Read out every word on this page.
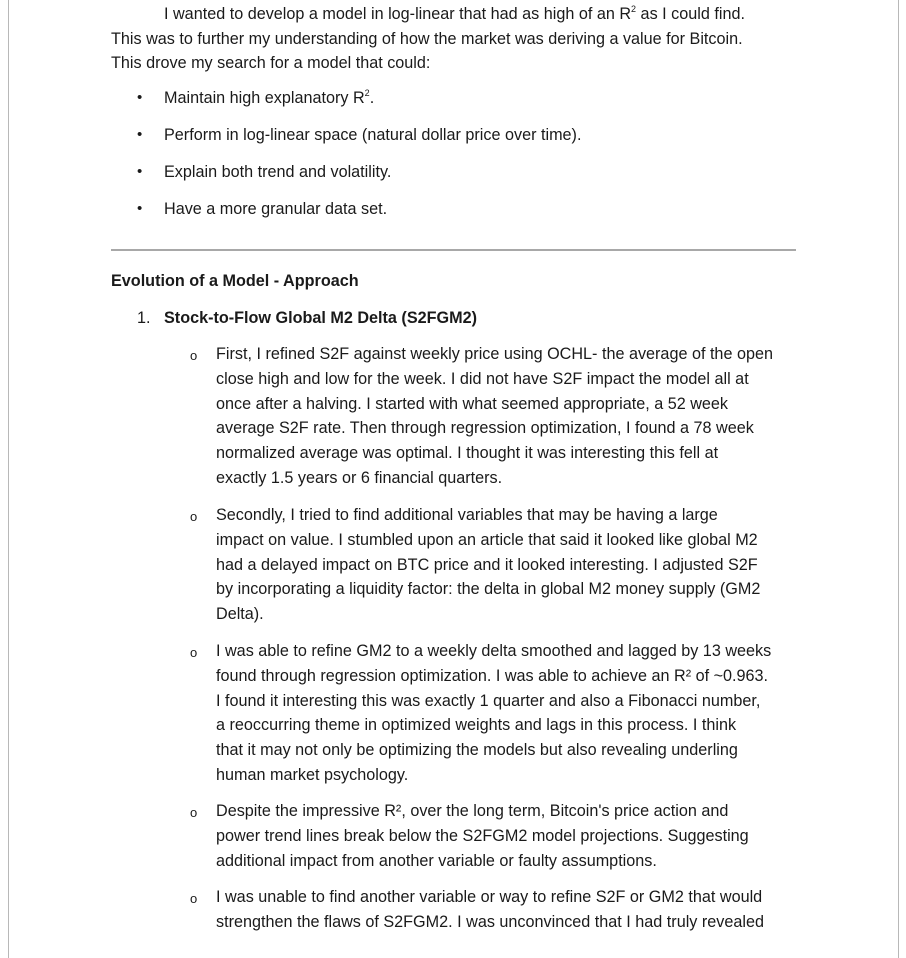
I wanted to develop a model in log-linear that had as high of an $R^2$ as I could find.
This was to further my understanding of how the market was deriving a value for Bitcoin.
This drove my search for a model that could:
• Maintain high explanatory $R^2$.
• Perform in log-linear space (natural dollar price over time).
• Explain both trend and volatility.
• Have a more granular data set.
Evolution of a Model - Approach
1. Stock-to-Flow Global M2 Delta (S2FGM2)
o First, I refined S2F against weekly price using OCHL- the average of the open
close high and low for the week. I did not have S2F impact the model all at
once after a halving. I started with what seemed appropriate, a 52 week
average S2F rate. Then through regression optimization, I found a 78 week
normalized average was optimal. I thought it was interesting this fell at
exactly 1.5 years or 6 financial quarters.
o Secondly, I tried to find additional variables that may be having a large
impact on value. I stumbled upon an article that said it looked like global M2
had a delayed impact on BTC price and it looked interesting. I adjusted S2F
by incorporating a liquidity factor: the delta in global M2 money supply (GM2
Delta).
o I was able to refine GM2 to a weekly delta smoothed and lagged by 13 weeks
found through regression optimization. I was able to achieve an R² of ~0.963.
I found it interesting this was exactly 1 quarter and also a Fibonacci number,
a reoccurring theme in optimized weights and lags in this process. I think
that it may not only be optimizing the models but also revealing underling
human market psychology.
o Despite the impressive R², over the long term, Bitcoin's price action and
power trend lines break below the S2FGM2 model projections. Suggesting
additional impact from another variable or faulty assumptions.
o I was unable to find another variable or way to refine S2F or GM2 that would
strengthen the flaws of S2FGM2. I was unconvinced that I had truly revealed
